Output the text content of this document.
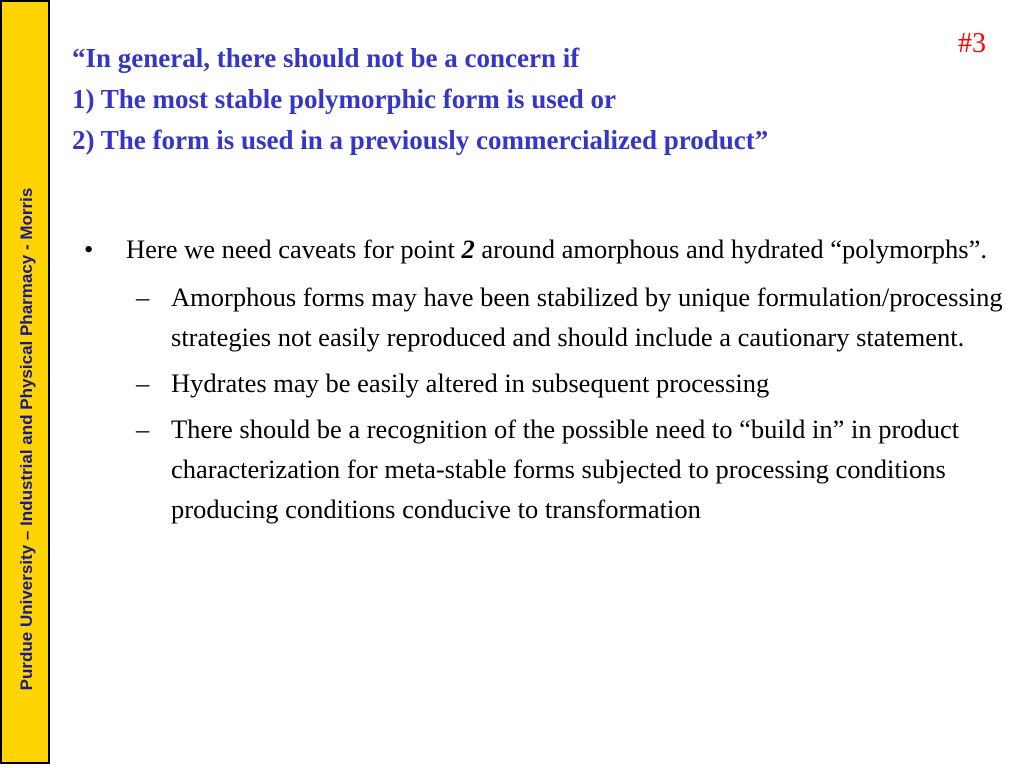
Purdue University – Industrial and Physical Pharmacy - Morris
#3
“In general, there should not be a concern if
1) The most stable polymorphic form is used or
2) The form is used in a previously commercialized product”
• Here we need caveats for point 2 around amorphous and hydrated “polymorphs”.
– Amorphous forms may have been stabilized by unique formulation/processing strategies not easily reproduced and should include a cautionary statement.
– Hydrates may be easily altered in subsequent processing
– There should be a recognition of the possible need to “build in” in product characterization for meta-stable forms subjected to processing conditions producing conditions conducive to transformation
